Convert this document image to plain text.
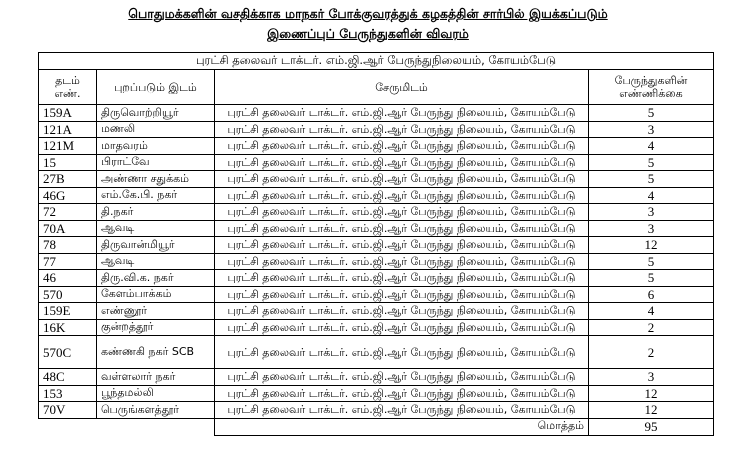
பொதுமக்களின் வசதிக்காக மாநகர் போக்குவரத்துக் கழகத்தின் சார்பில் இயக்கப்படும்
இணைப்புப் பேருந்துகளின் விவரம்
புரட்சி தலைவர் டாக்டர். எம்.ஜி.ஆர் பேருந்துநிலையம், கோயம்பேடு			
தடம் எண்.	புறப்படும் இடம்	சேருமிடம்	பேருந்துகளின் எண்ணிக்கை
159A	திருவொற்றியூர்	புரட்சி தலைவர் டாக்டர். எம்.ஜி.ஆர் பேருந்து நிலையம், கோயம்பேடு	5
121A	மணலி	புரட்சி தலைவர் டாக்டர். எம்.ஜி.ஆர் பேருந்து நிலையம், கோயம்பேடு	3
121M	மாதவரம்	புரட்சி தலைவர் டாக்டர். எம்.ஜி.ஆர் பேருந்து நிலையம், கோயம்பேடு	4
15	பிராட்வே	புரட்சி தலைவர் டாக்டர். எம்.ஜி.ஆர் பேருந்து நிலையம், கோயம்பேடு	5
27B	அண்ணா சதுக்கம்	புரட்சி தலைவர் டாக்டர். எம்.ஜி.ஆர் பேருந்து நிலையம், கோயம்பேடு	5
46G	எம்.கே.பி. நகர்	புரட்சி தலைவர் டாக்டர். எம்.ஜி.ஆர் பேருந்து நிலையம், கோயம்பேடு	4
72	தி.நகர்	புரட்சி தலைவர் டாக்டர். எம்.ஜி.ஆர் பேருந்து நிலையம், கோயம்பேடு	3
70A	ஆவடி	புரட்சி தலைவர் டாக்டர். எம்.ஜி.ஆர் பேருந்து நிலையம், கோயம்பேடு	3
78	திருவான்மியூர்	புரட்சி தலைவர் டாக்டர். எம்.ஜி.ஆர் பேருந்து நிலையம், கோயம்பேடு	12
77	ஆவடி	புரட்சி தலைவர் டாக்டர். எம்.ஜி.ஆர் பேருந்து நிலையம், கோயம்பேடு	5
46	திரு.வி.க. நகர்	புரட்சி தலைவர் டாக்டர். எம்.ஜி.ஆர் பேருந்து நிலையம், கோயம்பேடு	5
570	கேளம்பாக்கம்	புரட்சி தலைவர் டாக்டர். எம்.ஜி.ஆர் பேருந்து நிலையம், கோயம்பேடு	6
159E	எண்ணூர்	புரட்சி தலைவர் டாக்டர். எம்.ஜி.ஆர் பேருந்து நிலையம், கோயம்பேடு	4
16K	குன்றத்தூர்	புரட்சி தலைவர் டாக்டர். எம்.ஜி.ஆர் பேருந்து நிலையம், கோயம்பேடு	2
570C	கண்ணகி நகர் SCB	புரட்சி தலைவர் டாக்டர். எம்.ஜி.ஆர் பேருந்து நிலையம், கோயம்பேடு	2
48C	வள்ளலார் நகர்	புரட்சி தலைவர் டாக்டர். எம்.ஜி.ஆர் பேருந்து நிலையம், கோயம்பேடு	3
153	பூந்தமல்லி	புரட்சி தலைவர் டாக்டர். எம்.ஜி.ஆர் பேருந்து நிலையம், கோயம்பேடு	12
70V	பெருங்களத்தூர்	புரட்சி தலைவர் டாக்டர். எம்.ஜி.ஆர் பேருந்து நிலையம், கோயம்பேடு	12
		மொத்தம்	95
